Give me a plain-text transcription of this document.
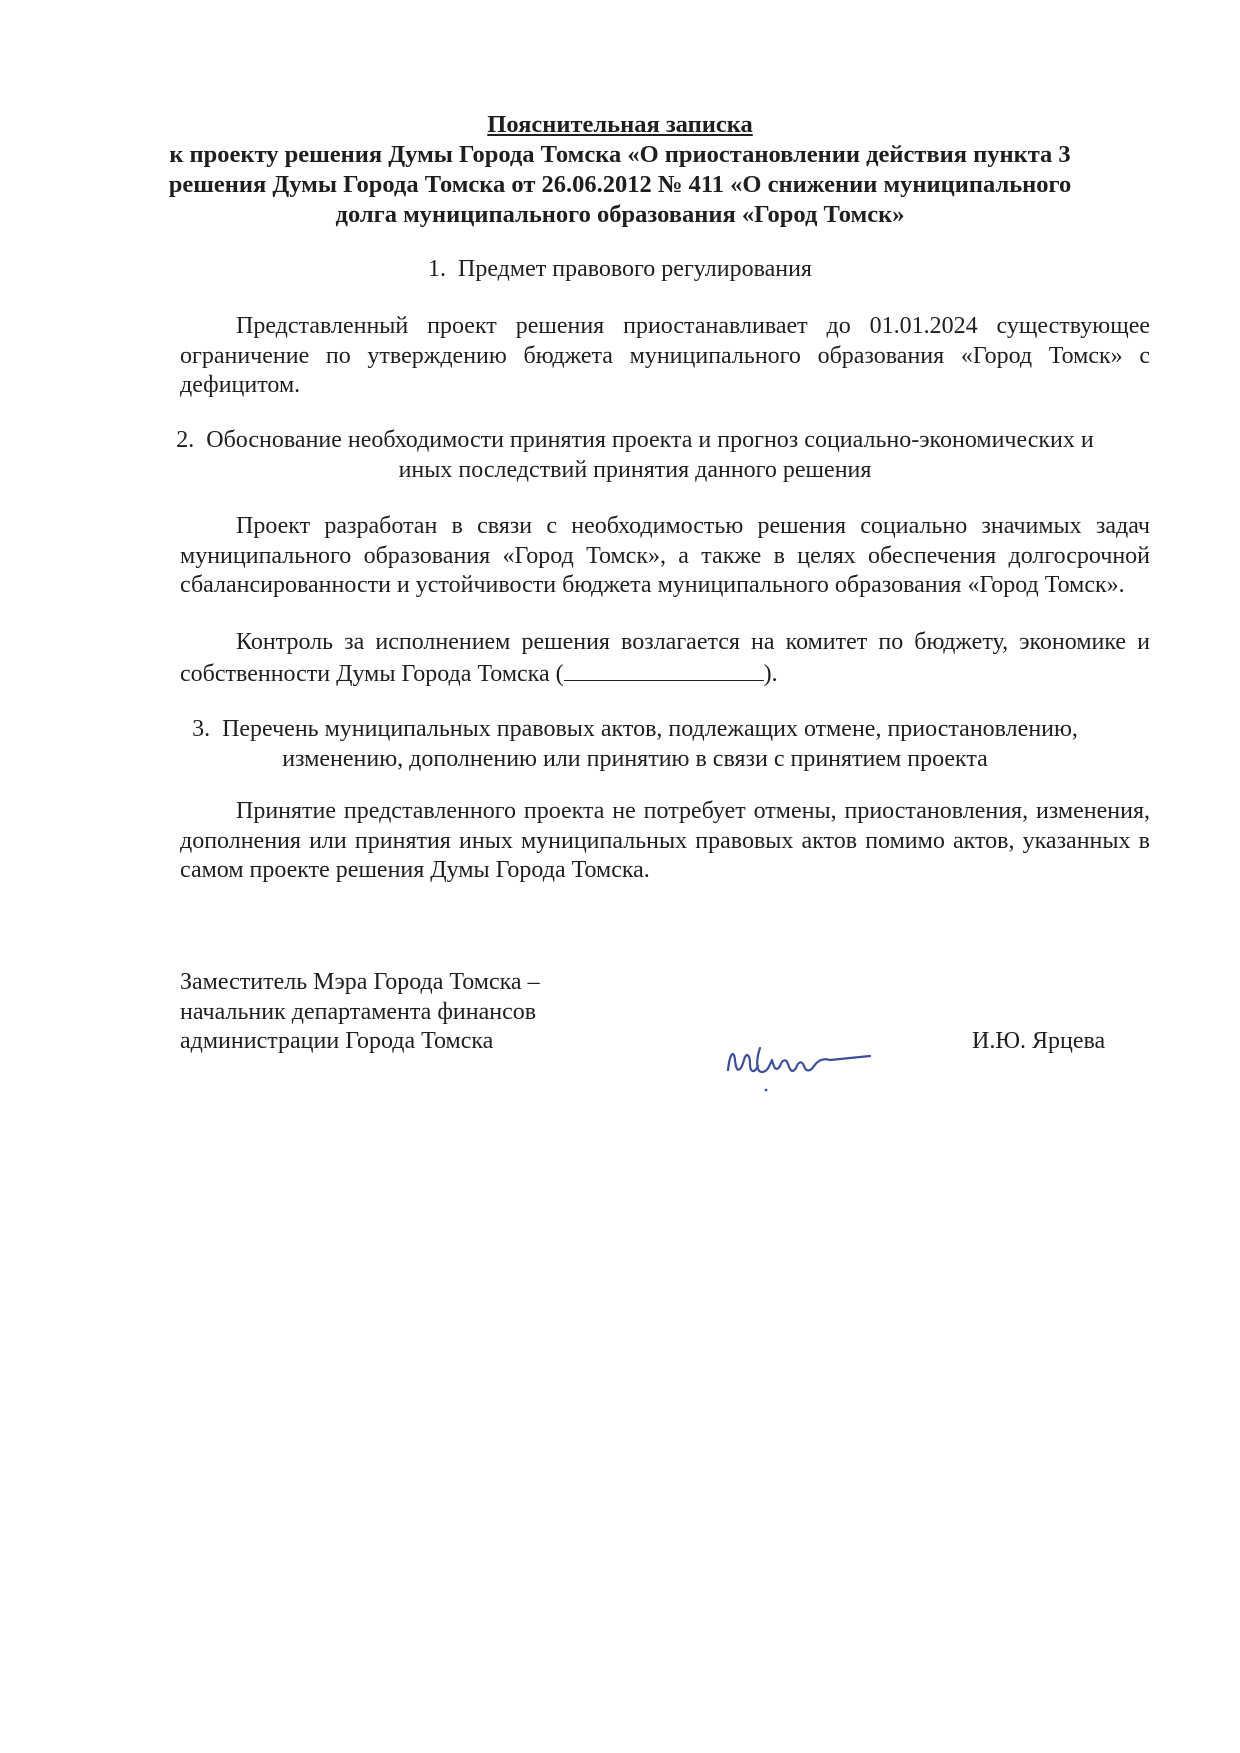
Пояснительная записка
к проекту решения Думы Города Томска «О приостановлении действия пункта 3
решения Думы Города Томска от 26.06.2012 № 411 «О снижении муниципального
долга муниципального образования «Город Томск»
1.  Предмет правового регулирования
Представленный проект решения приостанавливает до 01.01.2024 существующее ограничение по утверждению бюджета муниципального образования «Город Томск» с дефицитом.
2.  Обоснование необходимости принятия проекта и прогноз социально-экономических и
иных последствий принятия данного решения
Проект разработан в связи с необходимостью решения социально значимых задач муниципального образования «Город Томск», а также в целях обеспечения долгосрочной сбалансированности и устойчивости бюджета муниципального образования «Город Томск».
Контроль за исполнением решения возлагается на комитет по бюджету, экономике и собственности Думы Города Томска (	).
3.  Перечень муниципальных правовых актов, подлежащих отмене, приостановлению,
изменению, дополнению или принятию в связи с принятием проекта
Принятие представленного проекта не потребует отмены, приостановления, изменения, дополнения или принятия иных муниципальных правовых актов помимо актов, указанных в самом проекте решения Думы Города Томска.
Заместитель Мэра Города Томска –
начальник департамента финансов
администрации Города Томска	И.Ю. Ярцева
